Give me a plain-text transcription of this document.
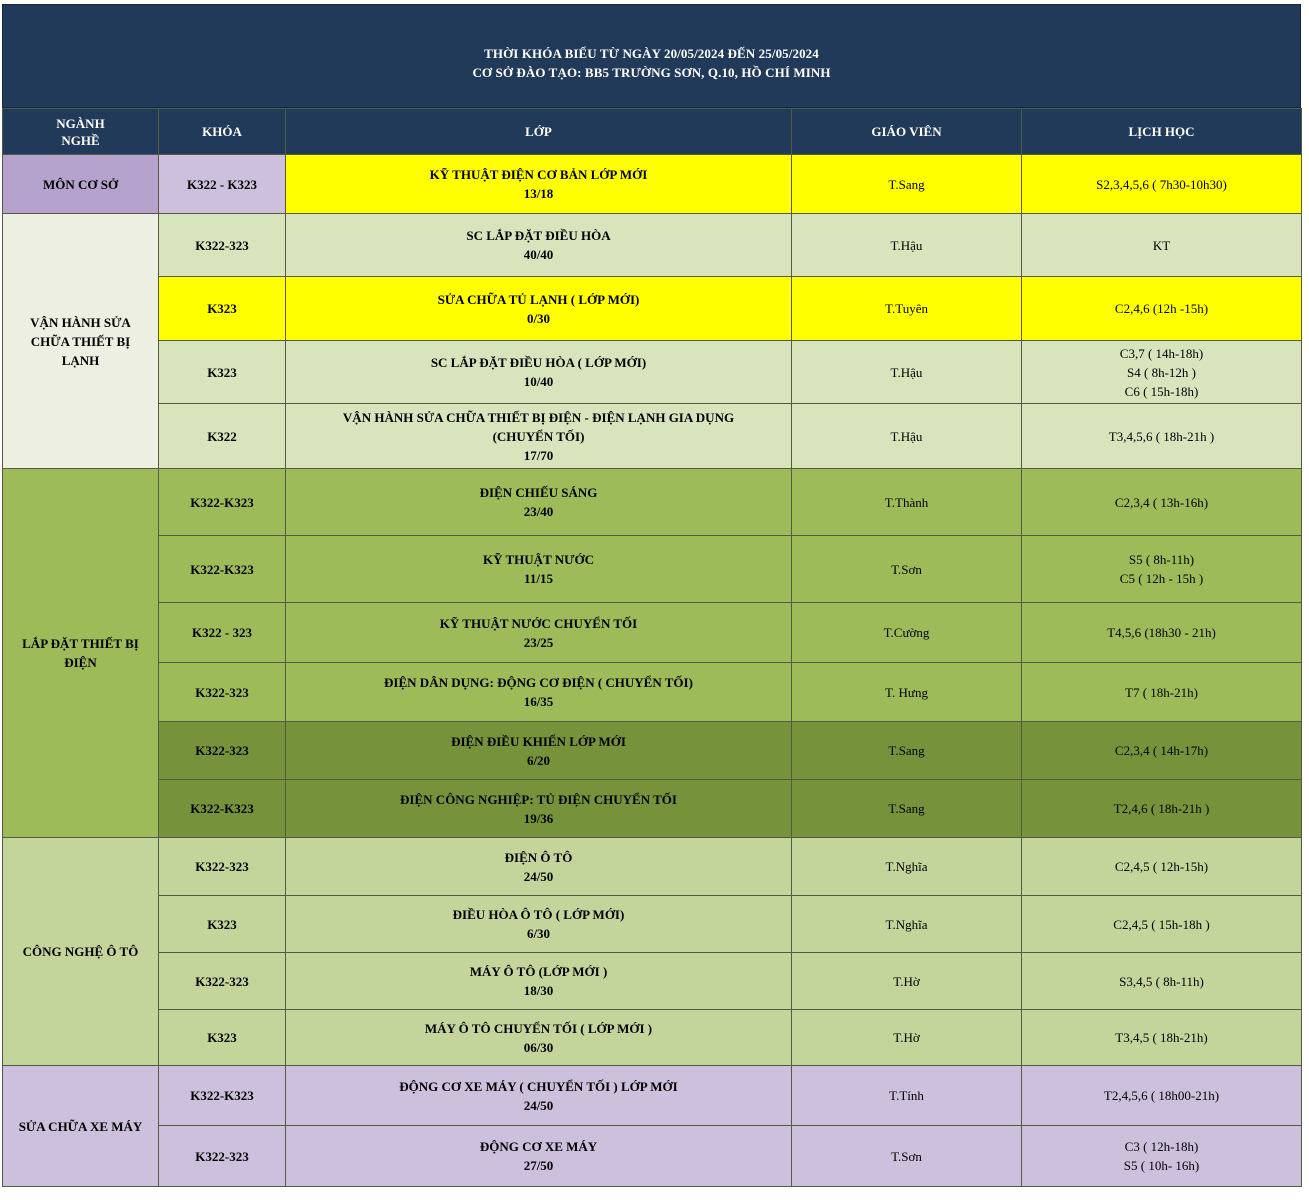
THỜI KHÓA BIỂU TỪ NGÀY 20/05/2024 ĐẾN 25/05/2024
CƠ SỞ ĐÀO TẠO: BB5 TRƯỜNG SƠN, Q.10, HỒ CHÍ MINH
NGÀNH
NGHỀ	KHÓA	LỚP	GIÁO VIÊN	LỊCH HỌC
MÔN CƠ SỞ	K322 - K323	KỸ THUẬT ĐIỆN CƠ BẢN LỚP MỚI
13/18	T.Sang	S2,3,4,5,6 ( 7h30-10h30)

VẬN HÀNH SỬA
CHỮA THIẾT BỊ
LẠNH	K322-323	SC LẮP ĐẶT ĐIỀU HÒA
40/40	T.Hậu	KT
	K323	SỬA CHỮA TỦ LẠNH ( LỚP MỚI)
0/30	T.Tuyên	C2,4,6 (12h -15h)
	K323	SC LẮP ĐẶT ĐIỀU HÒA ( LỚP MỚI)
10/40	T.Hậu	C3,7 ( 14h-18h)
S4 ( 8h-12h )
C6 ( 15h-18h)

	K322	VẬN HÀNH SỬA CHỮA THIẾT BỊ ĐIỆN - ĐIỆN LẠNH GIA DỤNG
(CHUYỂN TỐI)
17/70	T.Hậu	T3,4,5,6 ( 18h-21h )

LẮP ĐẶT THIẾT BỊ
ĐIỆN	K322-K323	ĐIỆN CHIẾU SÁNG
23/40	T.Thành	C2,3,4 ( 13h-16h)
	K322-K323	KỸ THUẬT NƯỚC
11/15	T.Sơn	S5 ( 8h-11h)
C5 ( 12h - 15h )

	K322 - 323	KỸ THUẬT NƯỚC CHUYỂN TỐI
23/25	T.Cường	T4,5,6 (18h30 - 21h)
	K322-323	ĐIỆN DÂN DỤNG: ĐỘNG CƠ ĐIỆN ( CHUYỂN TỐI)
16/35	T. Hưng	T7 ( 18h-21h)
	K322-323	ĐIỆN ĐIỀU KHIỂN LỚP MỚI
6/20	T.Sang	C2,3,4 ( 14h-17h)
	K322-K323	ĐIỆN CÔNG NGHIỆP: TỦ ĐIỆN CHUYỂN TỐI
19/36	T.Sang	T2,4,6 ( 18h-21h )
CÔNG NGHỆ Ô TÔ	K322-323	ĐIỆN Ô TÔ
24/50	T.Nghĩa	C2,4,5 ( 12h-15h)
	K323	ĐIỀU HÒA Ô TÔ ( LỚP MỚI)
6/30	T.Nghĩa	C2,4,5 ( 15h-18h )
	K322-323	MÁY Ô TÔ (LỚP MỚI )
18/30	T.Hờ	S3,4,5 ( 8h-11h)
	K323	MÁY Ô TÔ CHUYỂN TỐI ( LỚP MỚI )
06/30	T.Hờ	T3,4,5 ( 18h-21h)
SỬA CHỮA XE MÁY	K322-K323	ĐỘNG CƠ XE MÁY ( CHUYỂN TỐI ) LỚP MỚI
24/50	T.Tính	T2,4,5,6 ( 18h00-21h)
	K322-323	ĐỘNG CƠ XE MÁY
27/50	T.Sơn	C3 ( 12h-18h)
S5 ( 10h- 16h)
